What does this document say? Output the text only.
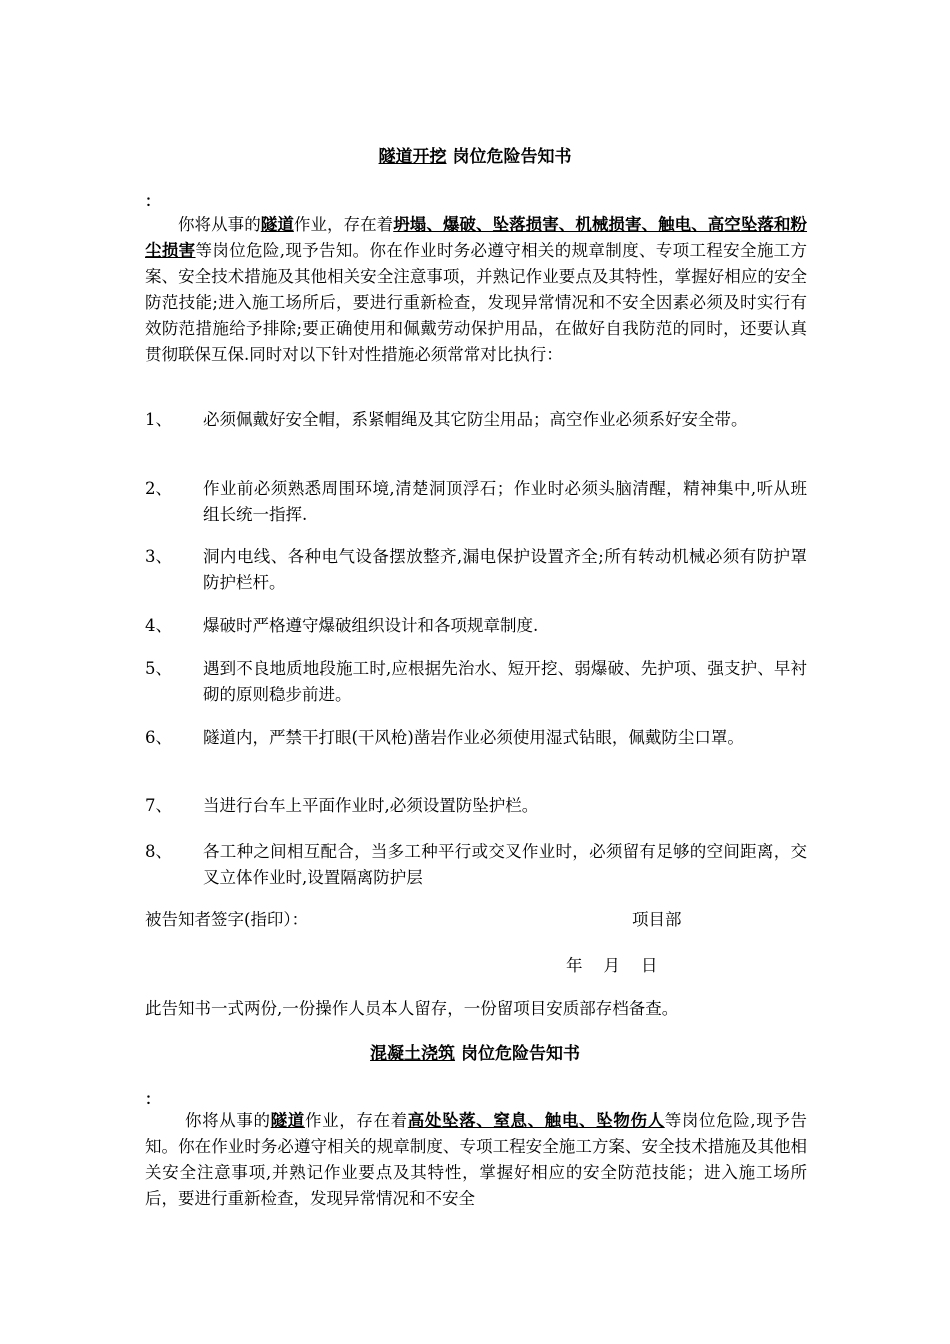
隧道开挖 岗位危险告知书
：
你将从事的隧道作业，存在着坍塌、爆破、坠落损害、机械损害、触电、高空坠落和粉尘损害等岗位危险,现予告知。你在作业时务必遵守相关的规章制度、专项工程安全施工方案、安全技术措施及其他相关安全注意事项，并熟记作业要点及其特性，掌握好相应的安全防范技能;进入施工场所后，要进行重新检查，发现异常情况和不安全因素必须及时实行有效防范措施给予排除;要正确使用和佩戴劳动保护用品，在做好自我防范的同时，还要认真贯彻联保互保.同时对以下针对性措施必须常常对比执行：
1、	必须佩戴好安全帽，系紧帽绳及其它防尘用品；高空作业必须系好安全带。
2、	作业前必须熟悉周围环境,清楚洞顶浮石；作业时必须头脑清醒，精神集中,听从班组长统一指挥.
3、	洞内电线、各种电气设备摆放整齐,漏电保护设置齐全;所有转动机械必须有防护罩防护栏杆。
4、	爆破时严格遵守爆破组织设计和各项规章制度.
5、	遇到不良地质地段施工时,应根据先治水、短开挖、弱爆破、先护项、强支护、早衬砌的原则稳步前进。
6、	隧道内，严禁干打眼(干风枪)凿岩作业必须使用湿式钻眼，佩戴防尘口罩。
7、	当进行台车上平面作业时,必须设置防坠护栏。
8、	各工种之间相互配合，当多工种平行或交叉作业时，必须留有足够的空间距离，交叉立体作业时,设置隔离防护层
被告知者签字(指印）：	项目部
年    月    日
此告知书一式两份,一份操作人员本人留存，一份留项目安质部存档备查。
混凝土浇筑 岗位危险告知书
：
你将从事的隧道作业，存在着高处坠落、窒息、触电、坠物伤人等岗位危险,现予告知。你在作业时务必遵守相关的规章制度、专项工程安全施工方案、安全技术措施及其他相关安全注意事项,并熟记作业要点及其特性，掌握好相应的安全防范技能；进入施工场所后，要进行重新检查，发现异常情况和不安全
